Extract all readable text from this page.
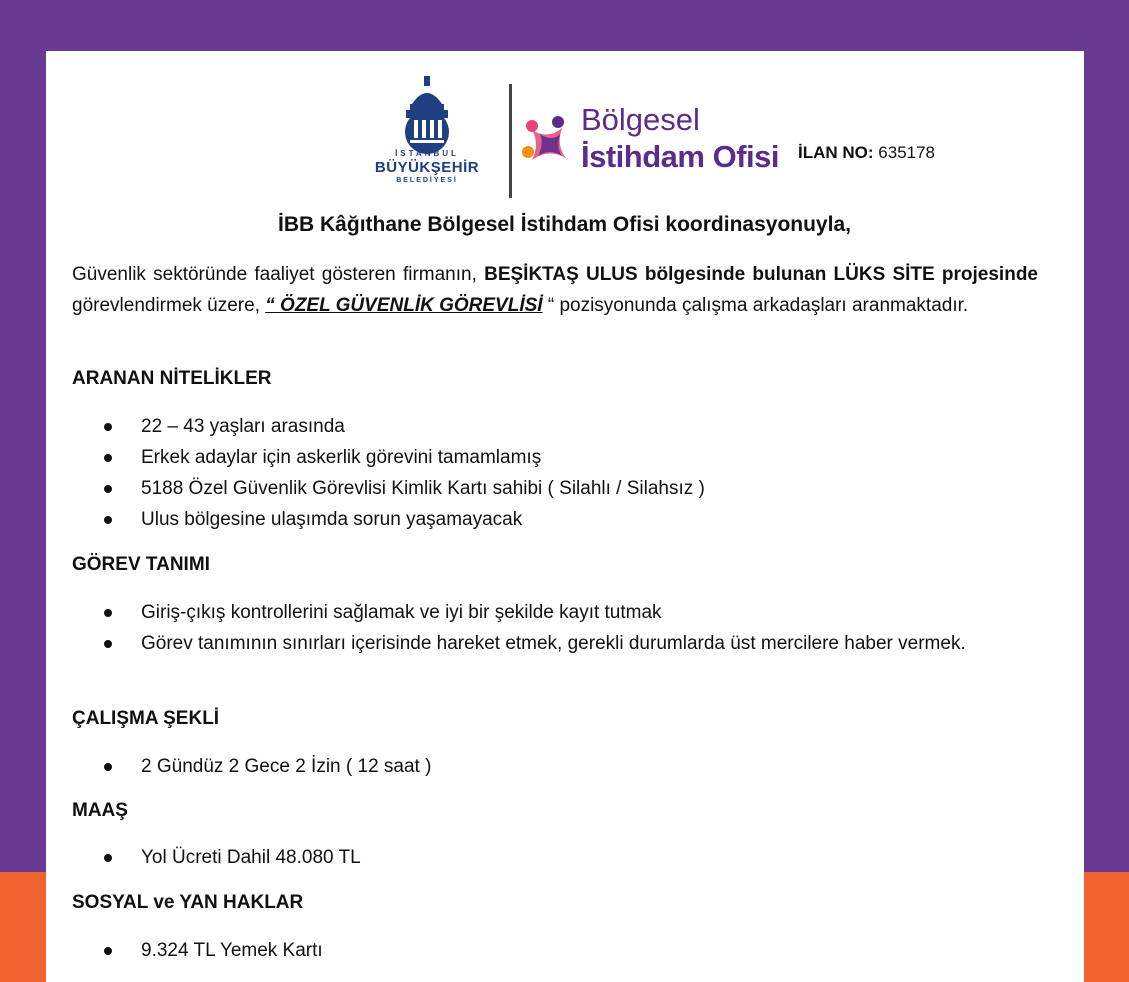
İSTANBUL
BÜYÜKŞEHİR
BELEDİYESİ
Bölgesel
İstihdam Ofisi İLAN NO: 635178
İBB Kâğıthane Bölgesel İstihdam Ofisi koordinasyonuyla,
Güvenlik sektöründe faaliyet gösteren firmanın, BEŞİKTAŞ ULUS bölgesinde bulunan LÜKS SİTE projesinde görevlendirmek üzere, “ ÖZEL GÜVENLİK GÖREVLİSİ “ pozisyonunda çalışma arkadaşları aranmaktadır.
ARANAN NİTELİKLER
22 – 43 yaşları arasında
Erkek adaylar için askerlik görevini tamamlamış
5188 Özel Güvenlik Görevlisi Kimlik Kartı sahibi ( Silahlı / Silahsız )
Ulus bölgesine ulaşımda sorun yaşamayacak
GÖREV TANIMI
Giriş-çıkış kontrollerini sağlamak ve iyi bir şekilde kayıt tutmak
Görev tanımının sınırları içerisinde hareket etmek, gerekli durumlarda üst mercilere haber vermek.
ÇALIŞMA ŞEKLİ
2 Gündüz 2 Gece 2 İzin ( 12 saat )
MAAŞ
Yol Ücreti Dahil 48.080 TL
SOSYAL ve YAN HAKLAR
9.324 TL Yemek Kartı
